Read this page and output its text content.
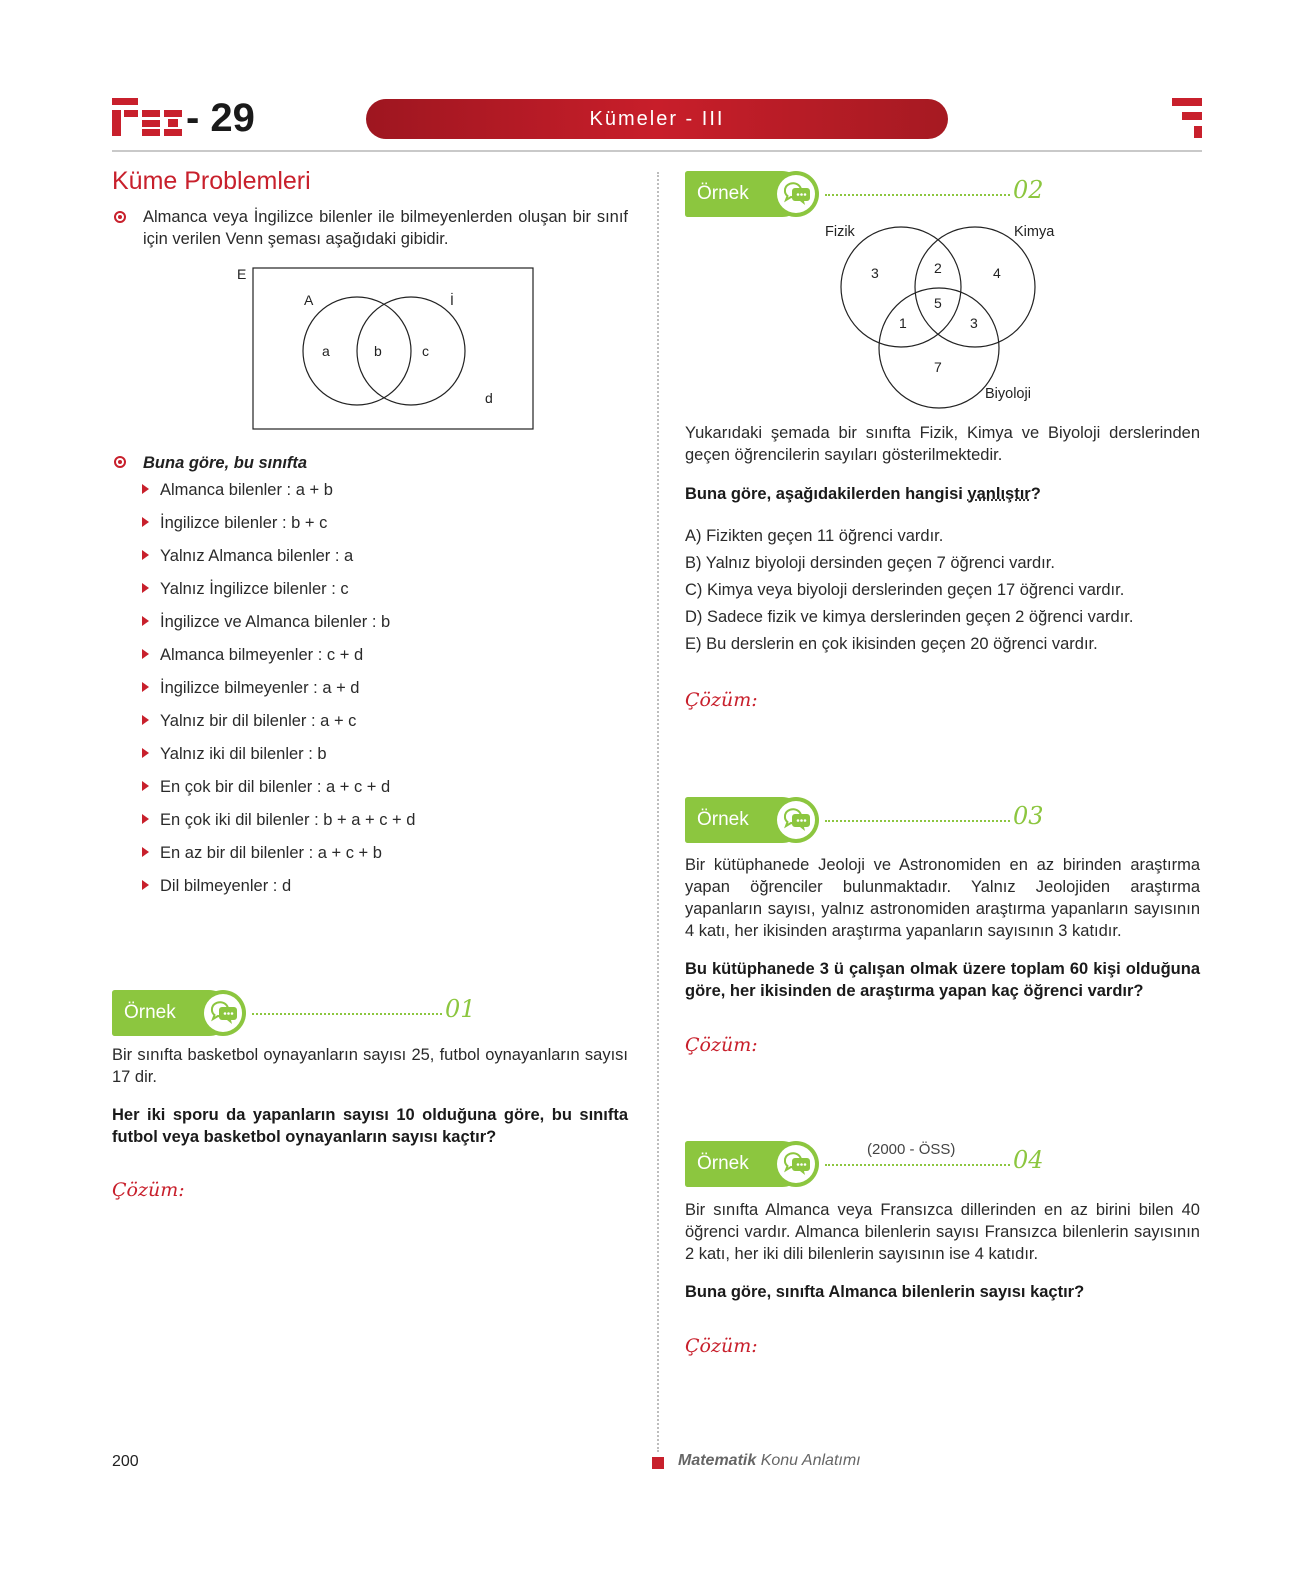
- 29	Kümeler - III
Küme Problemleri
Almanca veya İngilizce bilenler ile bilmeyenlerden oluşan bir sınıf için verilen Venn şeması aşağıdaki gibidir.
E
A	İ
a	b	c
d
Buna göre, bu sınıfta
Almanca bilenler : a + b
İngilizce bilenler : b + c
Yalnız Almanca bilenler : a
Yalnız İngilizce bilenler : c
İngilizce ve Almanca bilenler : b
Almanca bilmeyenler : c + d
İngilizce bilmeyenler : a + d
Yalnız bir dil bilenler : a + c
Yalnız iki dil bilenler : b
En çok bir dil bilenler : a + c + d
En çok iki dil bilenler : b + a + c + d
En az bir dil bilenler : a + c + b
Dil bilmeyenler : d
Örnek	01
Bir sınıfta basketbol oynayanların sayısı 25, futbol oynayanların sayısı 17 dir.
Her iki sporu da yapanların sayısı 10 olduğuna göre, bu sınıfta futbol veya basketbol oynayanların sayısı kaçtır?
Çözüm:
Örnek	02
Fizik	Kimya
Biyoloji
3	2	4
5
1	3
7
Yukarıdaki şemada bir sınıfta Fizik, Kimya ve Biyoloji derslerinden geçen öğrencilerin sayıları gösterilmektedir.
Buna göre, aşağıdakilerden hangisi yanlıştır?
A) Fizikten geçen 11 öğrenci vardır.
B) Yalnız biyoloji dersinden geçen 7 öğrenci vardır.
C) Kimya veya biyoloji derslerinden geçen 17 öğrenci vardır.
D) Sadece fizik ve kimya derslerinden geçen 2 öğrenci vardır.
E) Bu derslerin en çok ikisinden geçen 20 öğrenci vardır.
Çözüm:
Örnek	03
Bir kütüphanede Jeoloji ve Astronomiden en az birinden araştırma yapan öğrenciler bulunmaktadır. Yalnız Jeolojiden araştırma yapanların sayısı, yalnız astronomiden araştırma yapanların sayısının 4 katı, her ikisinden araştırma yapanların sayısının 3 katıdır.
Bu kütüphanede 3 ü çalışan olmak üzere toplam 60 kişi olduğuna göre, her ikisinden de araştırma yapan kaç öğrenci vardır?
Çözüm:
Örnek
(2000 - ÖSS) 04
Bir sınıfta Almanca veya Fransızca dillerinden en az birini bilen 40 öğrenci vardır. Almanca bilenlerin sayısı Fransızca bilenlerin sayısının 2 katı, her iki dili bilenlerin sayısının ise 4 katıdır.
Buna göre, sınıfta Almanca bilenlerin sayısı kaçtır?
Çözüm:
200	Matematik Konu Anlatımı
